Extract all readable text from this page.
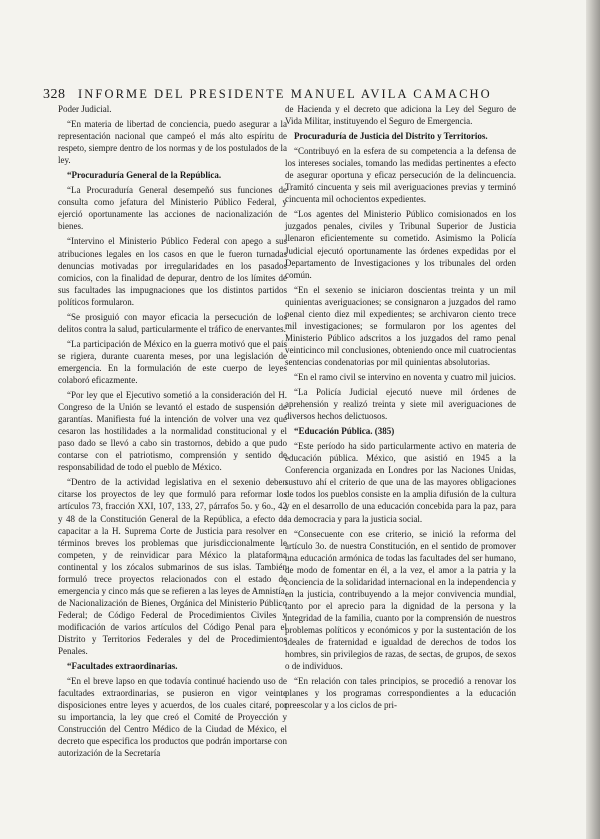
328 INFORME DEL PRESIDENTE MANUEL AVILA CAMACHO

Poder Judicial.

“En materia de libertad de conciencia, puedo asegurar a la representación nacional que campeó el más alto espíritu de respeto, siempre dentro de los normas y de los postulados de la ley.

“Procuraduría General de la República.

“La Procuraduría General desempeñó sus funciones de consulta como jefatura del Ministerio Público Federal, y ejerció oportunamente las acciones de nacionalización de bienes.

“Intervino el Ministerio Público Federal con apego a sus atribuciones legales en los casos en que le fueron turnadas denuncias motivadas por irregularidades en los pasados comicios, con la finalidad de depurar, dentro de los límites de sus facultades las impugnaciones que los distintos partidos políticos formularon.

“Se prosiguió con mayor eficacia la persecución de los delitos contra la salud, particularmente el tráfico de enervantes.

“La participación de México en la guerra motivó que el país se rigiera, durante cuarenta meses, por una legislación de emergencia. En la formulación de este cuerpo de leyes colaboró eficazmente.

“Por ley que el Ejecutivo sometió a la consideración del H. Congreso de la Unión se levantó el estado de suspensión de garantías. Manifiesta fué la intención de volver una vez que cesaron las hostilidades a la normalidad constitucional y el paso dado se llevó a cabo sin trastornos, debido a que pudo contarse con el patriotismo, comprensión y sentido de responsabilidad de todo el pueblo de México.

“Dentro de la actividad legislativa en el sexenio deben citarse los proyectos de ley que formuló para reformar los artículos 73, fracción XXI, 107, 133, 27, párrafos 5o. y 6o., 42 y 48 de la Constitución General de la República, a efecto de capacitar a la H. Suprema Corte de Justicia para resolver en términos breves los problemas que jurisdiccionalmente le competen, y de reinvidicar para México la plataforma continental y los zócalos submarinos de sus islas. También formuló trece proyectos relacionados con el estado de emergencia y cinco más que se refieren a las leyes de Amnistía, de Nacionalización de Bienes, Orgánica del Ministerio Público Federal; de Código Federal de Procedimientos Civiles y modificación de varios artículos del Código Penal para el Distrito y Territorios Federales y del de Procedimientos Penales.

“Facultades extraordinarias.

“En el breve lapso en que todavía continué haciendo uso de facultades extraordinarias, se pusieron en vigor veinte disposiciones entre leyes y acuerdos, de los cuales citaré, por su importancia, la ley que creó el Comité de Proyección y Construcción del Centro Médico de la Ciudad de México, el decreto que especifica los productos que podrán importarse con autorización de la Secretaría

de Hacienda y el decreto que adiciona la Ley del Seguro de Vida Militar, instituyendo el Seguro de Emergencia.

Procuraduría de Justicia del Distrito y Territorios.

“Contribuyó en la esfera de su competencia a la defensa de los intereses sociales, tomando las medidas pertinentes a efecto de asegurar oportuna y eficaz persecución de la delincuencia. Tramitó cincuenta y seis mil averiguaciones previas y terminó cincuenta mil ochocientos expedientes.

“Los agentes del Ministerio Público comisionados en los juzgados penales, civiles y Tribunal Superior de Justicia llenaron eficientemente su cometido. Asimismo la Policía Judicial ejecutó oportunamente las órdenes expedidas por el Departamento de Investigaciones y los tribunales del orden común.

“En el sexenio se iniciaron doscientas treinta y un mil quinientas averiguaciones; se consignaron a juzgados del ramo penal ciento diez mil expedientes; se archivaron ciento trece mil investigaciones; se formularon por los agentes del Ministerio Público adscritos a los juzgados del ramo penal veinticinco mil conclusiones, obteniendo once mil cuatrocientas sentencias condenatorias por mil quinientas absolutorias.

“En el ramo civil se intervino en noventa y cuatro mil juicios.

“La Policía Judicial ejecutó nueve mil órdenes de aprehensión y realizó treinta y siete mil averiguaciones de diversos hechos delictuosos.

“Educación Pública. (385)

“Este período ha sido particularmente activo en materia de educación pública. México, que asistió en 1945 a la Conferencia organizada en Londres por las Naciones Unidas, sustuvo ahí el criterio de que una de las mayores obligaciones de todos los pueblos consiste en la amplia difusión de la cultura y en el desarrollo de una educación concebida para la paz, para la democracia y para la justicia social.

“Consecuente con ese criterio, se inició la reforma del artículo 3o. de nuestra Constitución, en el sentido de promover una educación armónica de todas las facultades del ser humano, de modo de fomentar en él, a la vez, el amor a la patria y la conciencia de la solidaridad internacional en la independencia y en la justicia, contribuyendo a la mejor convivencia mundial, tanto por el aprecio para la dignidad de la persona y la integridad de la familia, cuanto por la comprensión de nuestros problemas políticos y económicos y por la sustentación de los ideales de fraternidad e igualdad de derechos de todos los hombres, sin privilegios de razas, de sectas, de grupos, de sexos o de individuos.

“En relación con tales principios, se procedió a renovar los planes y los programas correspondientes a la educación preescolar y a los ciclos de pri-
